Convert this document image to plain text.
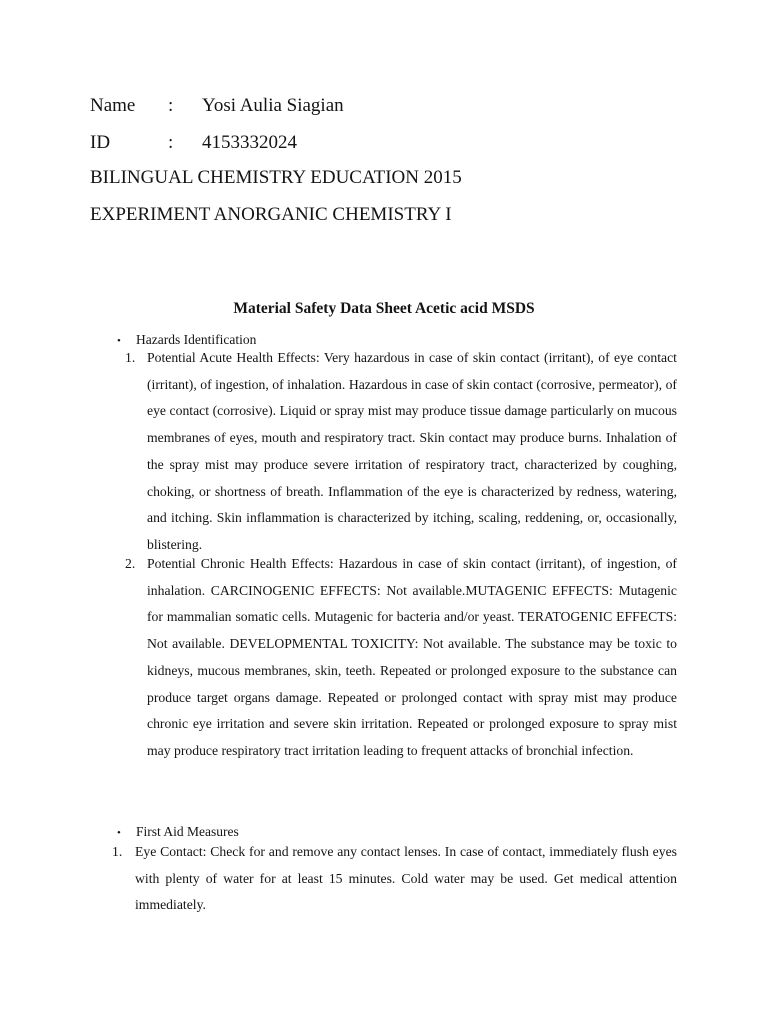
Name : Yosi Aulia Siagian
ID	: 4153332024
BILINGUAL CHEMISTRY EDUCATION 2015
EXPERIMENT ANORGANIC CHEMISTRY I
Material Safety Data Sheet Acetic acid MSDS
• Hazards Identification
1. Potential Acute Health Effects: Very hazardous in case of skin contact (irritant), of eye contact (irritant), of ingestion, of inhalation. Hazardous in case of skin contact (corrosive, permeator), of eye contact (corrosive). Liquid or spray mist may produce tissue damage particularly on mucous membranes of eyes, mouth and respiratory tract. Skin contact may produce burns. Inhalation of the spray mist may produce severe irritation of respiratory tract, characterized by coughing, choking, or shortness of breath. Inflammation of the eye is characterized by redness, watering, and itching. Skin inflammation is characterized by itching, scaling, reddening, or, occasionally, blistering.
2. Potential Chronic Health Effects: Hazardous in case of skin contact (irritant), of ingestion, of inhalation. CARCINOGENIC EFFECTS: Not available.MUTAGENIC EFFECTS: Mutagenic for mammalian somatic cells. Mutagenic for bacteria and/or yeast. TERATOGENIC EFFECTS: Not available. DEVELOPMENTAL TOXICITY: Not available. The substance may be toxic to kidneys, mucous membranes, skin, teeth. Repeated or prolonged exposure to the substance can produce target organs damage. Repeated or prolonged contact with spray mist may produce chronic eye irritation and severe skin irritation. Repeated or prolonged exposure to spray mist may produce respiratory tract irritation leading to frequent attacks of bronchial infection.
• First Aid Measures
1. Eye Contact: Check for and remove any contact lenses. In case of contact, immediately flush eyes with plenty of water for at least 15 minutes. Cold water may be used. Get medical attention immediately.
